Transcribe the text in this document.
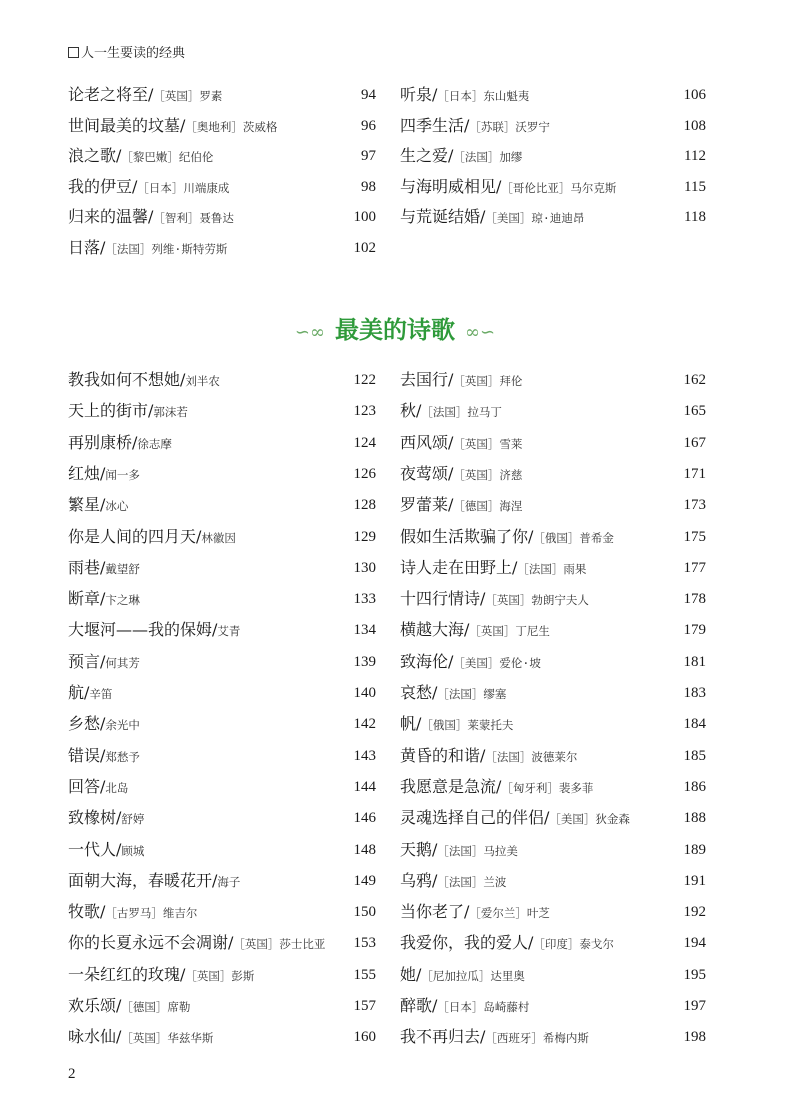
人一生要读的经典
论老之将至/［英国］罗素	94
世间最美的坟墓/［奥地利］茨威格	96
浪之歌/［黎巴嫩］纪伯伦	97
我的伊豆/［日本］川端康成	98
归来的温馨/［智利］聂鲁达	100
日落/［法国］列维·斯特劳斯	102
听泉/［日本］东山魁夷	106
四季生活/［苏联］沃罗宁	108
生之爱/［法国］加缪	112
与海明威相见/［哥伦比亚］马尔克斯	115
与荒诞结婚/［美国］琼·迪迪昂	118
∽∞ 最美的诗歌 ∞∽
教我如何不想她/刘半农	122
天上的街市/郭沫若	123
再别康桥/徐志摩	124
红烛/闻一多	126
繁星/冰心	128
你是人间的四月天/林徽因	129
雨巷/戴望舒	130
断章/卞之琳	133
大堰河——我的保姆/艾青	134
预言/何其芳	139
航/辛笛	140
乡愁/余光中	142
错误/郑愁予	143
回答/北岛	144
致橡树/舒婷	146
一代人/顾城	148
面朝大海，春暖花开/海子	149
牧歌/［古罗马］维吉尔	150
你的长夏永远不会凋谢/［英国］莎士比亚 153
一朵红红的玫瑰/［英国］彭斯	155
欢乐颂/［德国］席勒	157
咏水仙/［英国］华兹华斯	160
去国行/［英国］拜伦	162
秋/［法国］拉马丁	165
西风颂/［英国］雪莱	167
夜莺颂/［英国］济慈	171
罗蕾莱/［德国］海涅	173
假如生活欺骗了你/［俄国］普希金	175
诗人走在田野上/［法国］雨果	177
十四行情诗/［英国］勃朗宁夫人	178
横越大海/［英国］丁尼生	179
致海伦/［美国］爱伦·坡	181
哀愁/［法国］缪塞	183
帆/［俄国］莱蒙托夫	184
黄昏的和谐/［法国］波德莱尔	185
我愿意是急流/［匈牙利］裴多菲	186
灵魂选择自己的伴侣/［美国］狄金森	188
天鹅/［法国］马拉美	189
乌鸦/［法国］兰波	191
当你老了/［爱尔兰］叶芝	192
我爱你，我的爱人/［印度］泰戈尔	194
她/［尼加拉瓜］达里奥	195
醉歌/［日本］岛崎藤村	197
我不再归去/［西班牙］希梅内斯	198
2
